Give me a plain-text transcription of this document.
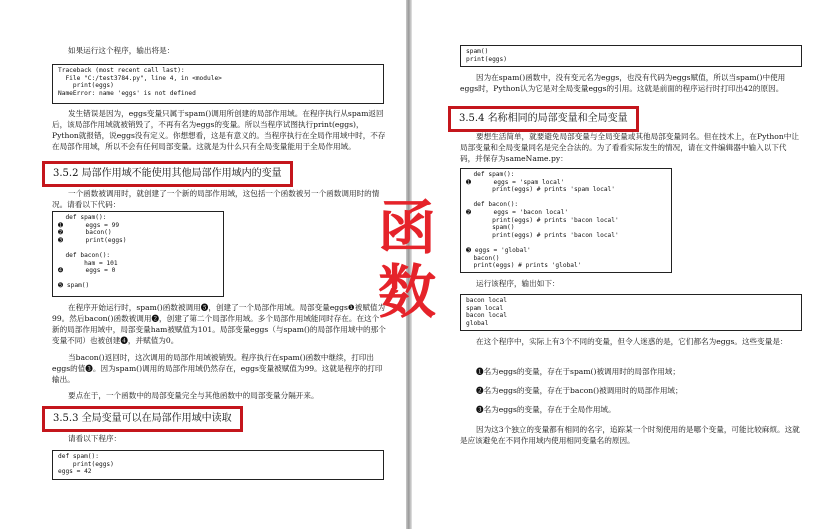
如果运行这个程序，输出将是：
Traceback (most recent call last):
File "C:/test3784.py", line 4, in <module>
print(eggs)
NameError: name 'eggs' is not defined
发生错误是因为，eggs变量只属于spam()调用所创建的局部作用域。在程序执行从spam返回后，该局部作用域就被销毁了，不再有名为eggs的变量。所以当程序试图执行print(eggs)，Python就报错，说eggs没有定义。你想想看，这是有意义的。当程序执行在全局作用域中时，不存在局部作用域，所以不会有任何局部变量。这就是为什么只有全局变量能用于全局作用域。
3.5.2 局部作用域不能使用其他局部作用域内的变量
一个函数被调用时，就创建了一个新的局部作用域，这包括一个函数被另一个函数调用时的情况。请看以下代码：
def spam():
➊      eggs = 99
➋      bacon()
➌      print(eggs)

def bacon():
ham = 101
➍      eggs = 0

➎ spam()
在程序开始运行时，spam()函数被调用❺，创建了一个局部作用域。局部变量eggs❶被赋值为99。然后bacon()函数被调用❷，创建了第二个局部作用域。多个局部作用域能同时存在。在这个新的局部作用域中，局部变量ham被赋值为101。局部变量eggs（与spam()的局部作用域中的那个变量不同）也被创建❹，并赋值为0。
当bacon()返回时，这次调用的局部作用域被销毁。程序执行在spam()函数中继续，打印出eggs的值❸。因为spam()调用的局部作用域仍然存在，eggs变量被赋值为99。这就是程序的打印输出。
要点在于，一个函数中的局部变量完全与其他函数中的局部变量分隔开来。
3.5.3 全局变量可以在局部作用域中读取
请看以下程序：
def spam():
print(eggs)
eggs = 42
spam()
print(eggs)
因为在spam()函数中，没有变元名为eggs，也没有代码为eggs赋值，所以当spam()中使用eggs时，Python认为它是对全局变量eggs的引用。这就是前面的程序运行时打印出42的原因。
3.5.4 名称相同的局部变量和全局变量
要想生活简单，就要避免局部变量与全局变量或其他局部变量同名。但在技术上，在Python中让局部变量和全局变量同名是完全合法的。为了看看实际发生的情况，请在文件编辑器中输入以下代码，并保存为sameName.py：
def spam():
➊      eggs = 'spam local'
print(eggs) # prints 'spam local'

def bacon():
➋      eggs = 'bacon local'
print(eggs) # prints 'bacon local'
spam()
print(eggs) # prints 'bacon local'

➌ eggs = 'global'
bacon()
print(eggs) # prints 'global'
运行该程序，输出如下：
bacon local
spam local
bacon local
global
在这个程序中，实际上有3个不同的变量，但令人迷惑的是，它们都名为eggs。这些变量是：
❶名为eggs的变量，存在于spam()被调用时的局部作用域；
❷名为eggs的变量，存在于bacon()被调用时的局部作用域；
❸名为eggs的变量，存在于全局作用域。
因为这3个独立的变量都有相同的名字，追踪某一个时刻使用的是哪个变量，可能比较麻烦。这就是应该避免在不同作用域内使用相同变量名的原因。
函
数
